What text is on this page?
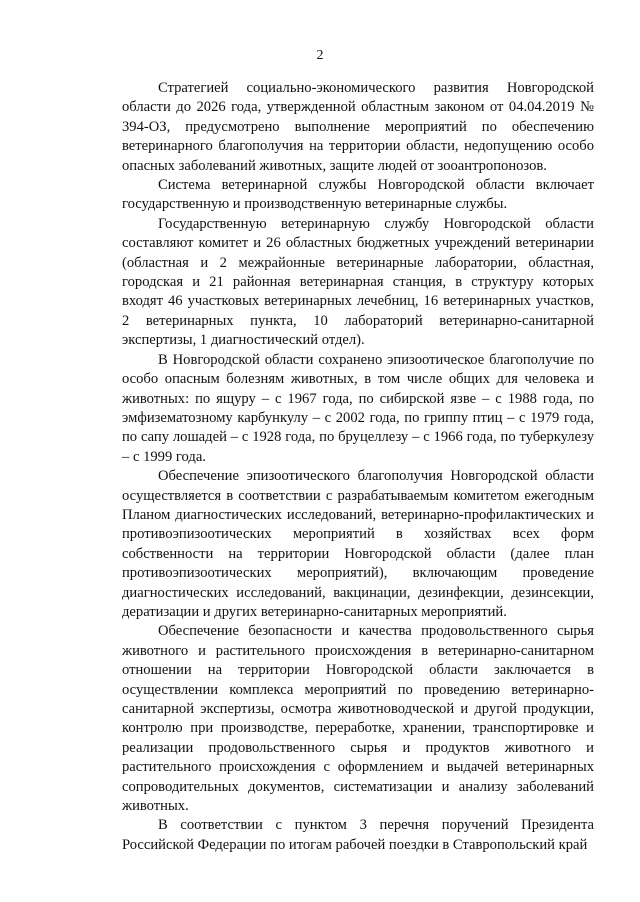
2

Стратегией социально-экономического развития Новгородской области до 2026 года, утвержденной областным законом от 04.04.2019 № 394-ОЗ, предусмотрено выполнение мероприятий по обеспечению ветеринарного благополучия на территории области, недопущению особо опасных заболеваний животных, защите людей от зооантропонозов.

Система ветеринарной службы Новгородской области включает государственную и производственную ветеринарные службы.

Государственную ветеринарную службу Новгородской области составляют комитет и 26 областных бюджетных учреждений ветеринарии (областная и 2 межрайонные ветеринарные лаборатории, областная, городская и 21 районная ветеринарная станция, в структуру которых входят 46 участковых ветеринарных лечебниц, 16 ветеринарных участков, 2 ветеринарных пункта, 10 лабораторий ветеринарно-санитарной экспертизы, 1 диагностический отдел).

В Новгородской области сохранено эпизоотическое благополучие по особо опасным болезням животных, в том числе общих для человека и животных: по ящуру – с 1967 года, по сибирской язве – с 1988 года, по эмфизематозному карбункулу – с 2002 года, по гриппу птиц – с 1979 года, по сапу лошадей – с 1928 года, по бруцеллезу – с 1966 года, по туберкулезу – с 1999 года.

Обеспечение эпизоотического благополучия Новгородской области осуществляется в соответствии с разрабатываемым комитетом ежегодным Планом диагностических исследований, ветеринарно-профилактических и противоэпизоотических мероприятий в хозяйствах всех форм собственности на территории Новгородской области (далее план противоэпизоотических мероприятий), включающим проведение диагностических исследований, вакцинации, дезинфекции, дезинсекции, дератизации и других ветеринарно-санитарных мероприятий.

Обеспечение безопасности и качества продовольственного сырья животного и растительного происхождения в ветеринарно-санитарном отношении на территории Новгородской области заключается в осуществлении комплекса мероприятий по проведению ветеринарно-санитарной экспертизы, осмотра животноводческой и другой продукции, контролю при производстве, переработке, хранении, транспортировке и реализации продовольственного сырья и продуктов животного и растительного происхождения с оформлением и выдачей ветеринарных сопроводительных документов, систематизации и анализу заболеваний животных.

В соответствии с пунктом 3 перечня поручений Президента Российской Федерации по итогам рабочей поездки в Ставропольский край
